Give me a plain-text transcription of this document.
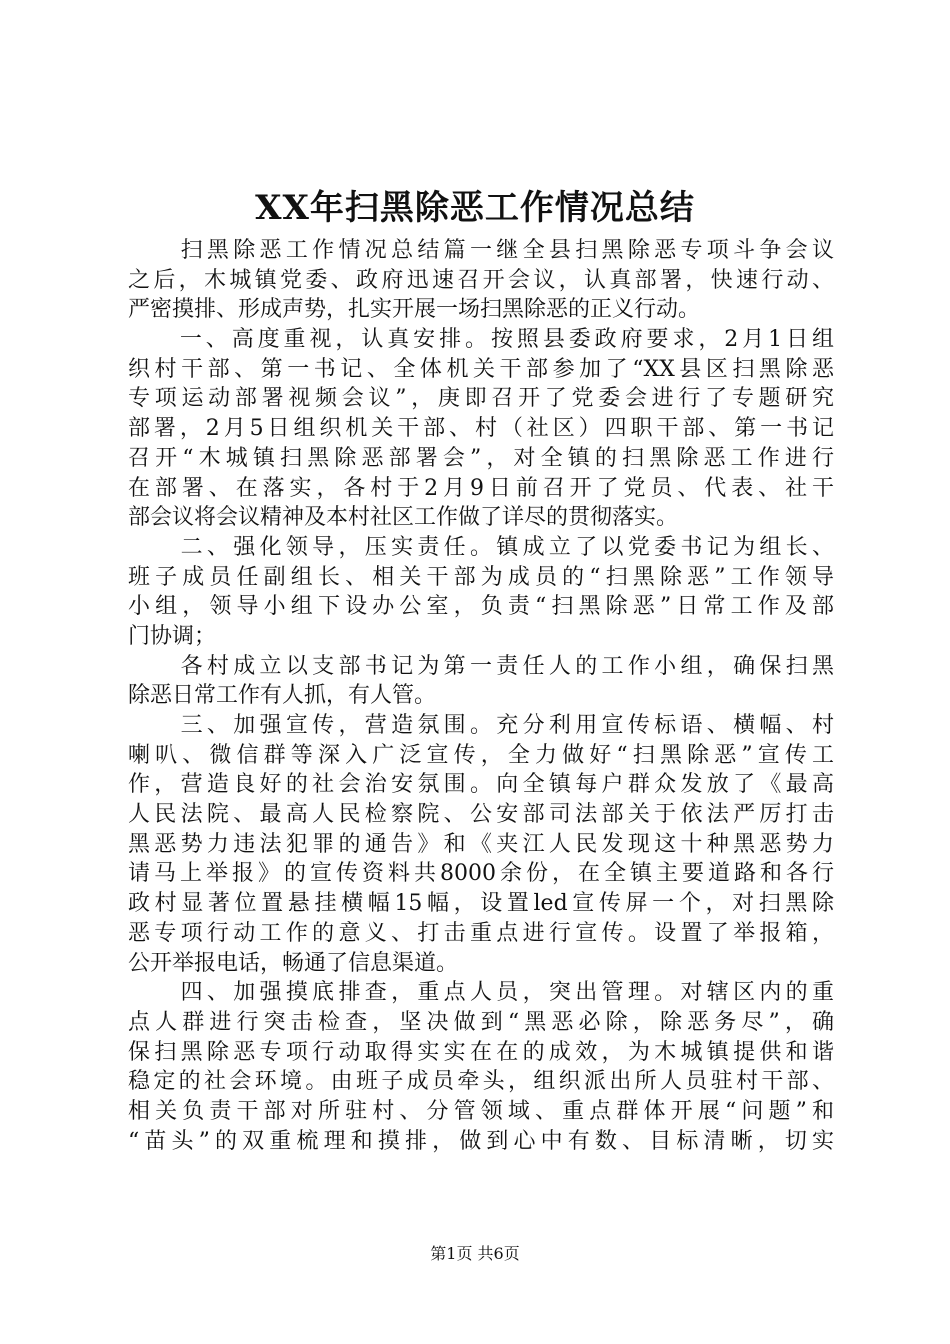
XX年扫黑除恶工作情况总结
　　扫黑除恶工作情况总结篇一继全县扫黑除恶专项斗争会议
之后，木城镇党委、政府迅速召开会议，认真部署，快速行动、
严密摸排、形成声势，扎实开展一场扫黑除恶的正义行动。
　　一、高度重视，认真安排。按照县委政府要求，2月1日组
织村干部、第一书记、全体机关干部参加了“XX县区扫黑除恶
专项运动部署视频会议”，庚即召开了党委会进行了专题研究
部署，2月5日组织机关干部、村（社区）四职干部、第一书记
召开“木城镇扫黑除恶部署会”，对全镇的扫黑除恶工作进行
在部署、在落实，各村于2月9日前召开了党员、代表、社干
部会议将会议精神及本村社区工作做了详尽的贯彻落实。
　　二、强化领导，压实责任。镇成立了以党委书记为组长、
班子成员任副组长、相关干部为成员的“扫黑除恶”工作领导
小组，领导小组下设办公室，负责“扫黑除恶”日常工作及部
门协调；
　　各村成立以支部书记为第一责任人的工作小组，确保扫黑
除恶日常工作有人抓，有人管。
　　三、加强宣传，营造氛围。充分利用宣传标语、横幅、村
喇叭、微信群等深入广泛宣传，全力做好“扫黑除恶”宣传工
作，营造良好的社会治安氛围。向全镇每户群众发放了《最高
人民法院、最高人民检察院、公安部司法部关于依法严厉打击
黑恶势力违法犯罪的通告》和《夹江人民发现这十种黑恶势力
请马上举报》的宣传资料共8000余份，在全镇主要道路和各行
政村显著位置悬挂横幅15幅，设置led宣传屏一个，对扫黑除
恶专项行动工作的意义、打击重点进行宣传。设置了举报箱，
公开举报电话，畅通了信息渠道。
　　四、加强摸底排查，重点人员，突出管理。对辖区内的重
点人群进行突击检查，坚决做到“黑恶必除，除恶务尽”，确
保扫黑除恶专项行动取得实实在在的成效，为木城镇提供和谐
稳定的社会环境。由班子成员牵头，组织派出所人员驻村干部、
相关负责干部对所驻村、分管领域、重点群体开展“问题”和
“苗头”的双重梳理和摸排，做到心中有数、目标清晰，切实
第1页 共6页
